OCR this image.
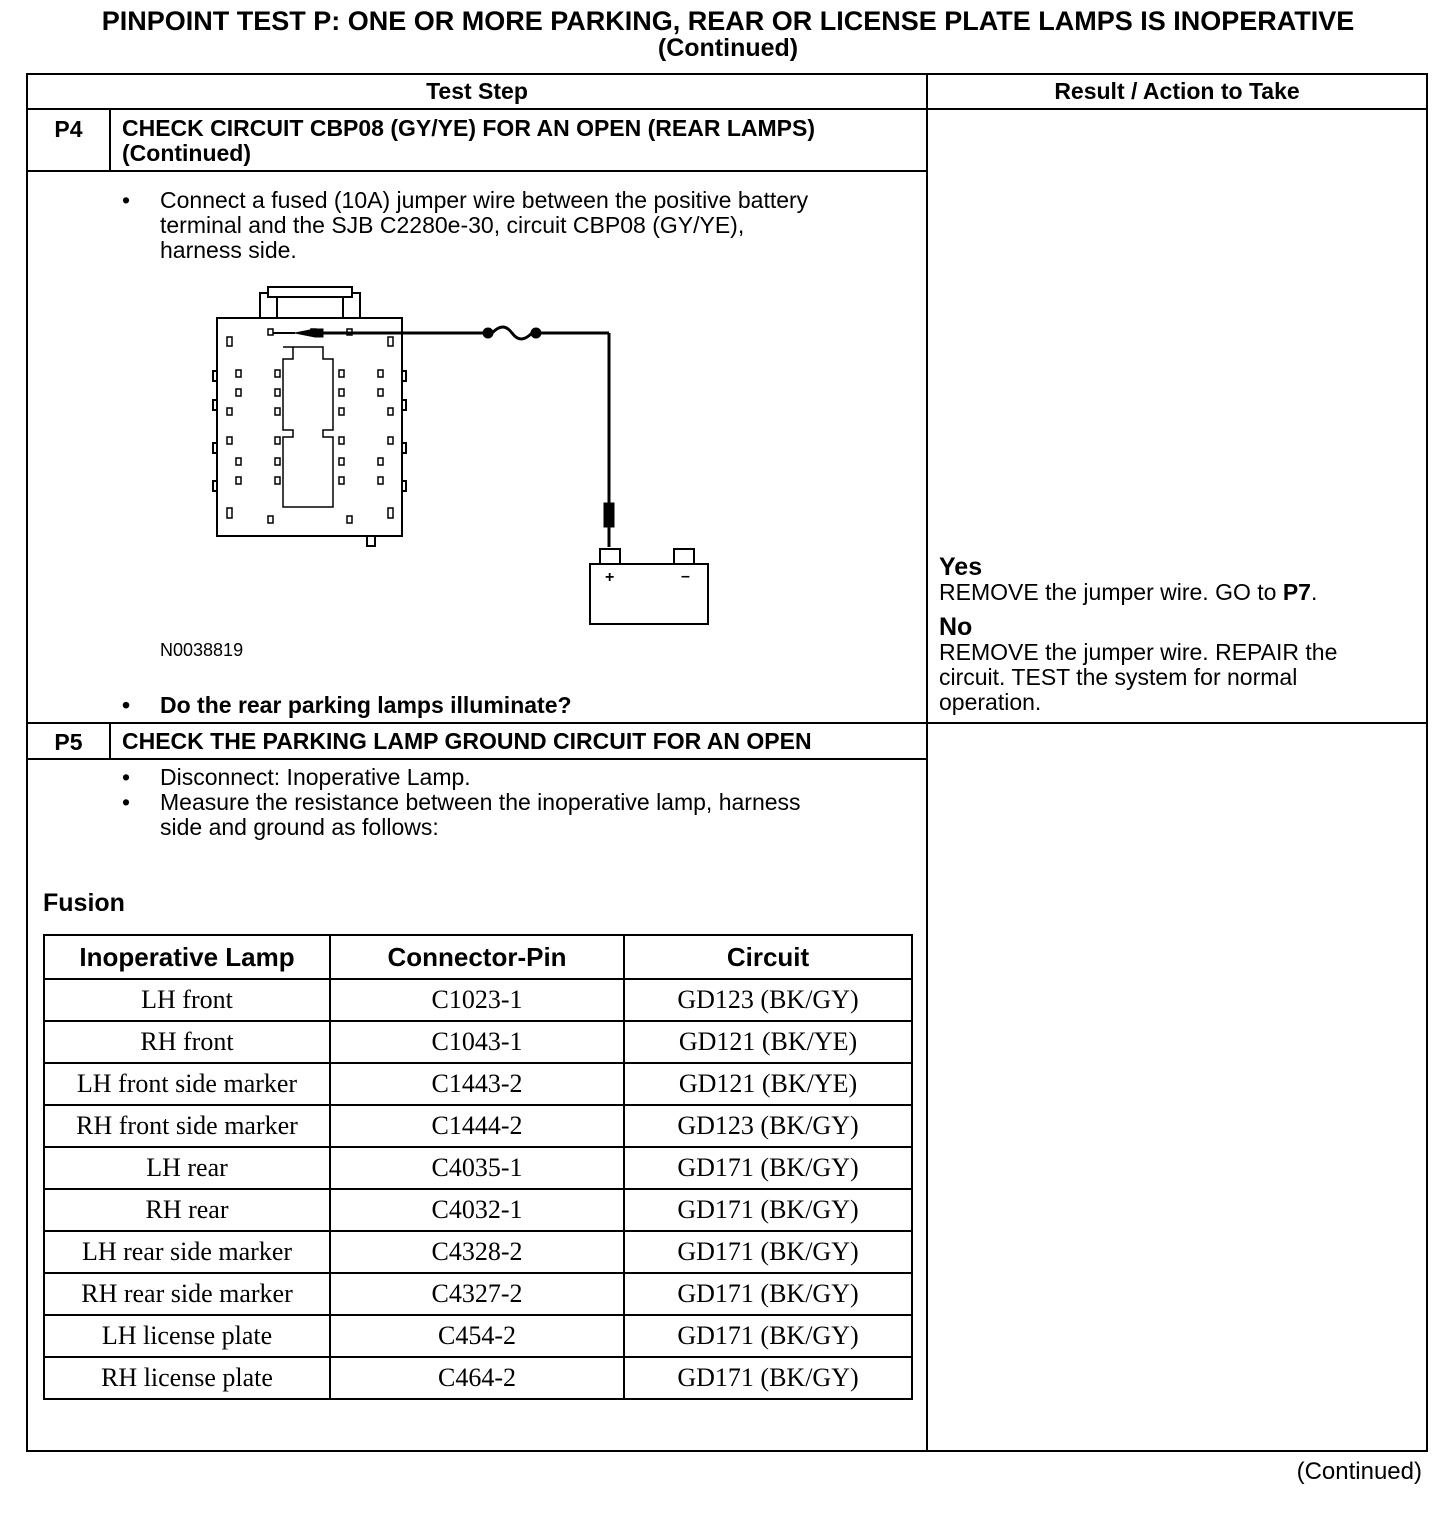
PINPOINT TEST P: ONE OR MORE PARKING, REAR OR LICENSE PLATE LAMPS IS INOPERATIVE
(Continued)
Test Step	Result / Action to Take
P4	CHECK CIRCUIT CBP08 (GY/YE) FOR AN OPEN (REAR LAMPS)
(Continued)
• Connect a fused (10A) jumper wire between the positive battery
terminal and the SJB C2280e-30, circuit CBP08 (GY/YE),
harness side.
+	–
N0038819
• Do the rear parking lamps illuminate?
Yes
REMOVE the jumper wire. GO to P7.
No
REMOVE the jumper wire. REPAIR the
circuit. TEST the system for normal
operation.
P5	CHECK THE PARKING LAMP GROUND CIRCUIT FOR AN OPEN
• Disconnect: Inoperative Lamp.
• Measure the resistance between the inoperative lamp, harness
side and ground as follows:
Fusion
Inoperative Lamp	Connector-Pin	Circuit
LH front	C1023-1	GD123 (BK/GY)
RH front	C1043-1	GD121 (BK/YE)
LH front side marker	C1443-2	GD121 (BK/YE)
RH front side marker	C1444-2	GD123 (BK/GY)
LH rear	C4035-1	GD171 (BK/GY)
RH rear	C4032-1	GD171 (BK/GY)
LH rear side marker	C4328-2	GD171 (BK/GY)
RH rear side marker	C4327-2	GD171 (BK/GY)
LH license plate	C454-2	GD171 (BK/GY)
RH license plate	C464-2	GD171 (BK/GY)
(Continued)
